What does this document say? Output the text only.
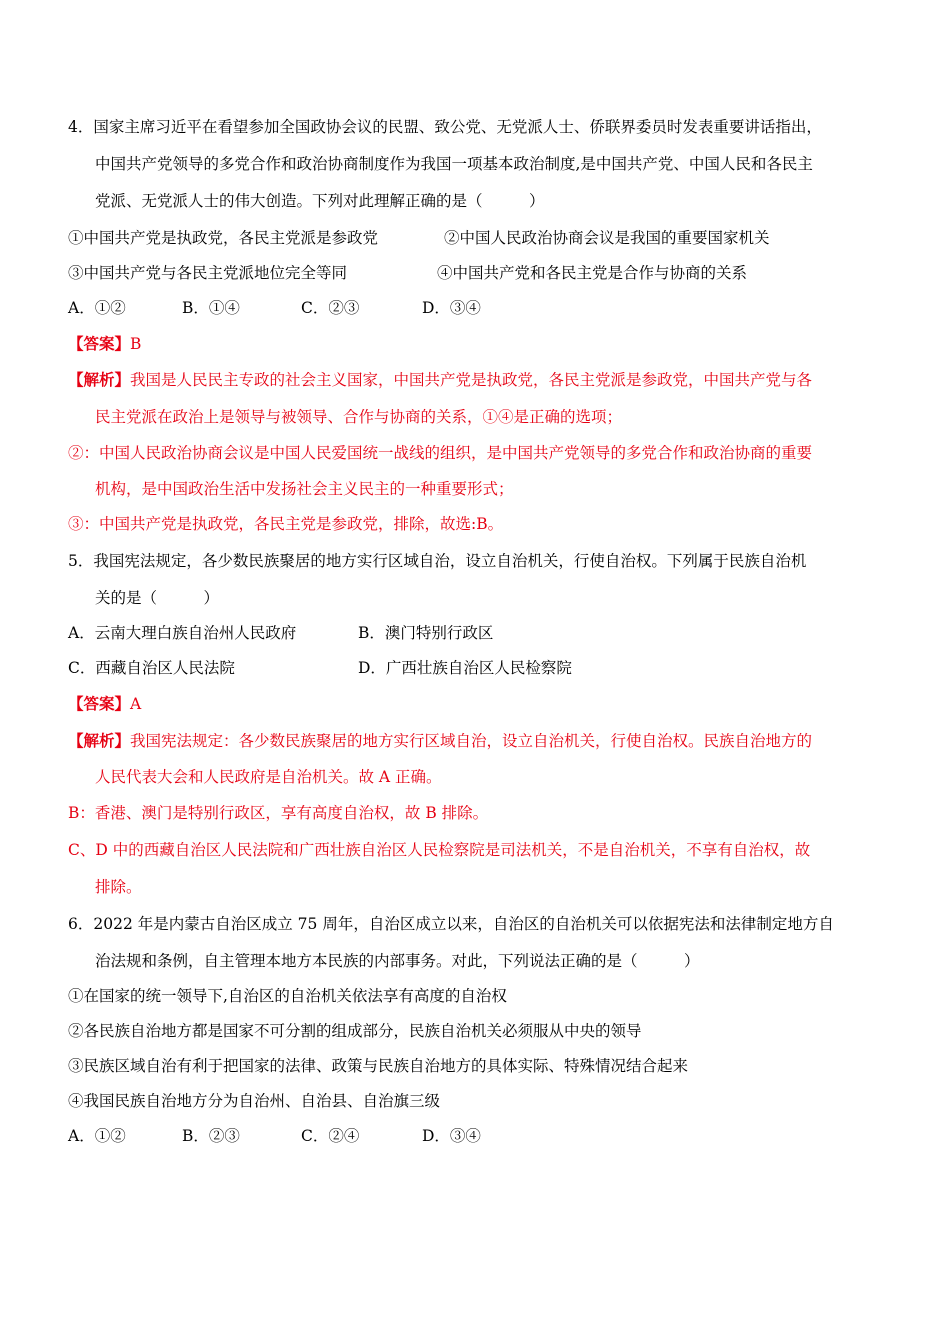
4．国家主席习近平在看望参加全国政协会议的民盟、致公党、无党派人士、侨联界委员时发表重要讲话指出，
中国共产党领导的多党合作和政治协商制度作为我国一项基本政治制度,是中国共产党、中国人民和各民主
党派、无党派人士的伟大创造。下列对此理解正确的是（　　　）
①中国共产党是执政党，各民主党派是参政党	②中国人民政治协商会议是我国的重要国家机关
③中国共产党与各民主党派地位完全等同	④中国共产党和各民主党是合作与协商的关系
A．①②	B．①④	C．②③	D．③④
【答案】B
【解析】我国是人民民主专政的社会主义国家，中国共产党是执政党，各民主党派是参政党，中国共产党与各
民主党派在政治上是领导与被领导、合作与协商的关系，①④是正确的选项；
②：中国人民政治协商会议是中国人民爱国统一战线的组织，是中国共产党领导的多党合作和政治协商的重要
机构，是中国政治生活中发扬社会主义民主的一种重要形式；
③：中国共产党是执政党，各民主党是参政党，排除，故选:B。
5．我国宪法规定，各少数民族聚居的地方实行区域自治，设立自治机关，行使自治权。下列属于民族自治机
关的是（　　　）
A．云南大理白族自治州人民政府	B．澳门特别行政区
C．西藏自治区人民法院	D．广西壮族自治区人民检察院
【答案】A
【解析】我国宪法规定：各少数民族聚居的地方实行区域自治，设立自治机关，行使自治权。民族自治地方的
人民代表大会和人民政府是自治机关。故 A 正确。
B：香港、澳门是特别行政区，享有高度自治权，故 B 排除。
C、D 中的西藏自治区人民法院和广西壮族自治区人民检察院是司法机关，不是自治机关，不享有自治权，故
排除。
6．2022 年是内蒙古自治区成立 75 周年，自治区成立以来，自治区的自治机关可以依据宪法和法律制定地方自
治法规和条例，自主管理本地方本民族的内部事务。对此，下列说法正确的是（　　　）
①在国家的统一领导下,自治区的自治机关依法享有高度的自治权
②各民族自治地方都是国家不可分割的组成部分，民族自治机关必须服从中央的领导
③民族区域自治有利于把国家的法律、政策与民族自治地方的具体实际、特殊情况结合起来
④我国民族自治地方分为自治州、自治县、自治旗三级
A．①②	B．②③	C．②④	D．③④
